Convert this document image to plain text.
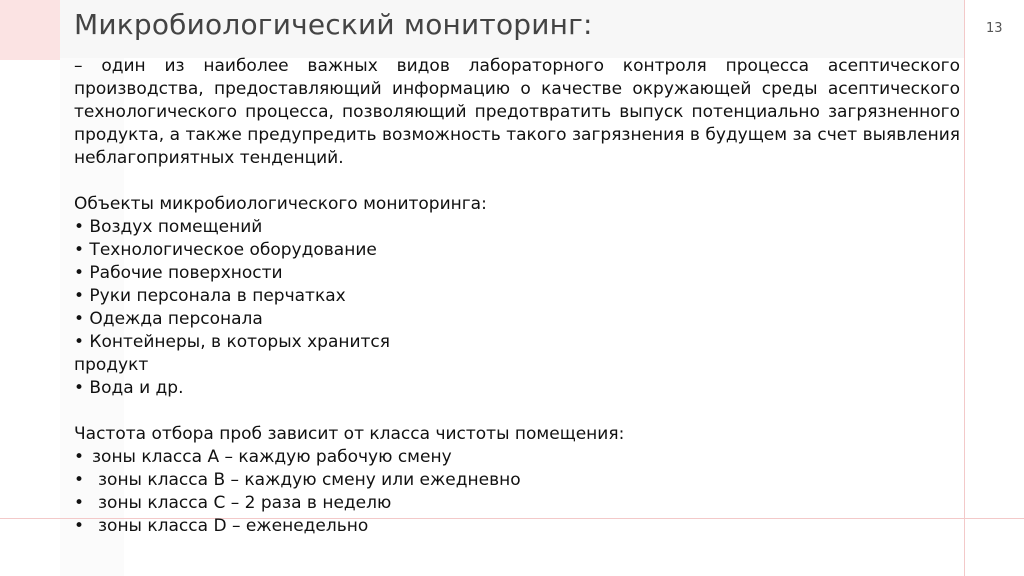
Микробиологический мониторинг:	13

– один из наиболее важных видов лабораторного контроля процесса асептического производства, предоставляющий информацию о качестве окружающей среды асептического технологического процесса, позволяющий предотвратить выпуск потенциально загрязненного продукта, а также предупредить возможность такого загрязнения в будущем за счет выявления неблагоприятных тенденций.

Объекты микробиологического мониторинга:
• Воздух помещений
• Технологическое оборудование
• Рабочие поверхности
• Руки персонала в перчатках
• Одежда персонала
• Контейнеры, в которых хранится
продукт
• Вода и др.
Частота отбора проб зависит от класса чистоты помещения:
• зоны класса А – каждую рабочую смену
• зоны класса В – каждую смену или ежедневно
• зоны класса С – 2 раза в неделю
• зоны класса D – еженедельно
